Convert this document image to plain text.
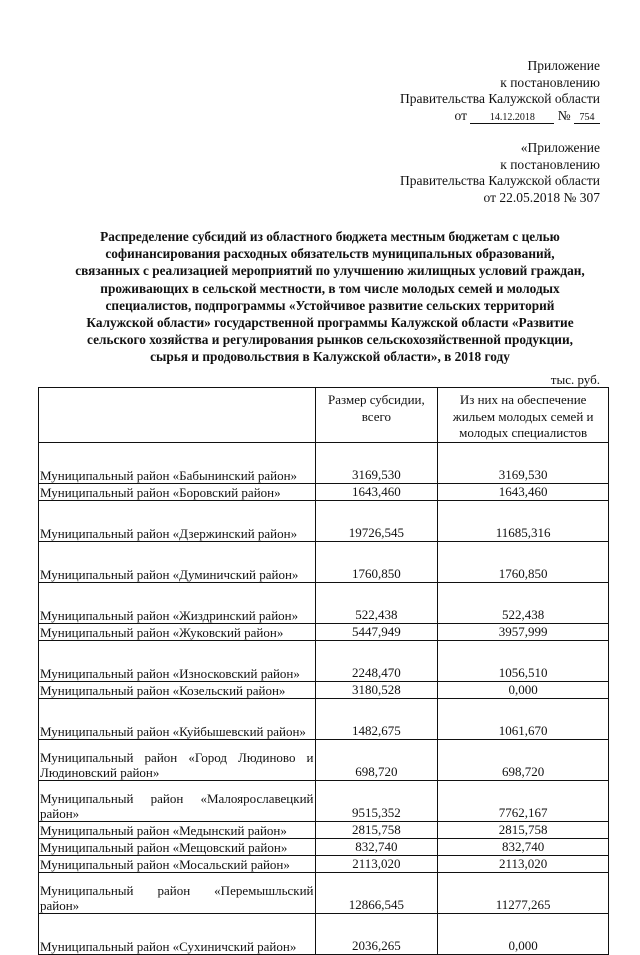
Приложение
к постановлению
Правительства Калужской области
от 14.12.2018 № 754
«Приложение
к постановлению
Правительства Калужской области
от 22.05.2018 № 307
Распределение субсидий из областного бюджета местным бюджетам с целью
софинансирования расходных обязательств муниципальных образований,
связанных с реализацией мероприятий по улучшению жилищных условий граждан,
проживающих в сельской местности, в том числе молодых семей и молодых
специалистов, подпрограммы «Устойчивое развитие сельских территорий
Калужской области» государственной программы Калужской области «Развитие
сельского хозяйства и регулирования рынков сельскохозяйственной продукции,
сырья и продовольствия в Калужской области», в 2018 году
тыс. руб.
	Размер субсидии, всего	Из них на обеспечение жильем молодых семей и молодых специалистов
Муниципальный район «Бабынинский район»	3169,530	3169,530
Муниципальный район «Боровский район»	1643,460	1643,460
Муниципальный район «Дзержинский район»	19726,545	11685,316
Муниципальный район «Думиничский район»	1760,850	1760,850
Муниципальный район «Жиздринский район»	522,438	522,438
Муниципальный район «Жуковский район»	5447,949	3957,999
Муниципальный район «Износковский район»	2248,470	1056,510
Муниципальный район «Козельский район»	3180,528	0,000
Муниципальный район «Куйбышевский район»	1482,675	1061,670
Муниципальный район «Город Людиново и Людиновский район»	698,720	698,720
Муниципальный район «Малоярославецкий район»	9515,352	7762,167
Муниципальный район «Медынский район»	2815,758	2815,758
Муниципальный район «Мещовский район»	832,740	832,740
Муниципальный район «Мосальский район»	2113,020	2113,020
Муниципальный район «Перемышльский район»	12866,545	11277,265
Муниципальный район «Сухиничский район»	2036,265	0,000
